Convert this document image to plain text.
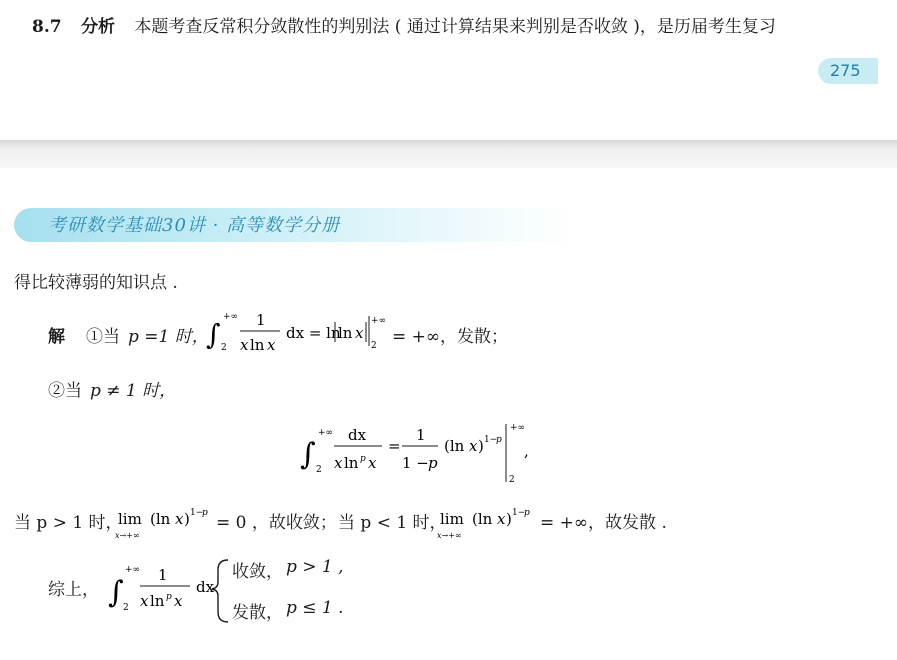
8.7 分析 本题考查反常积分敛散性的判别法 ( 通过计算结果来判别是否收敛 )，是历届考生复习
275
考研数学基础30讲 · 高等数学分册
得比较薄弱的知识点 .
解 ①当 p =1 时，
∫
+∞
2
1
x ln x
dx = ln
ln x
+∞
2 = +∞，发散；
②当 p ≠ 1 时，
∫
+∞
2
dx
x ln p x
=
1
1 − p
(ln x ) 1−
p
+∞
2
,
当 p > 1 时，
lim
x→+∞
(ln x ) 1−
p = 0 ，故收敛； 当 p < 1 时，
lim
x→+∞
(ln x ) 1−
p = +∞，故发散 .
综上， ∫
+∞
2
1
x ln p x
dx
收敛， p > 1 ,
发散， p ≤ 1 .
